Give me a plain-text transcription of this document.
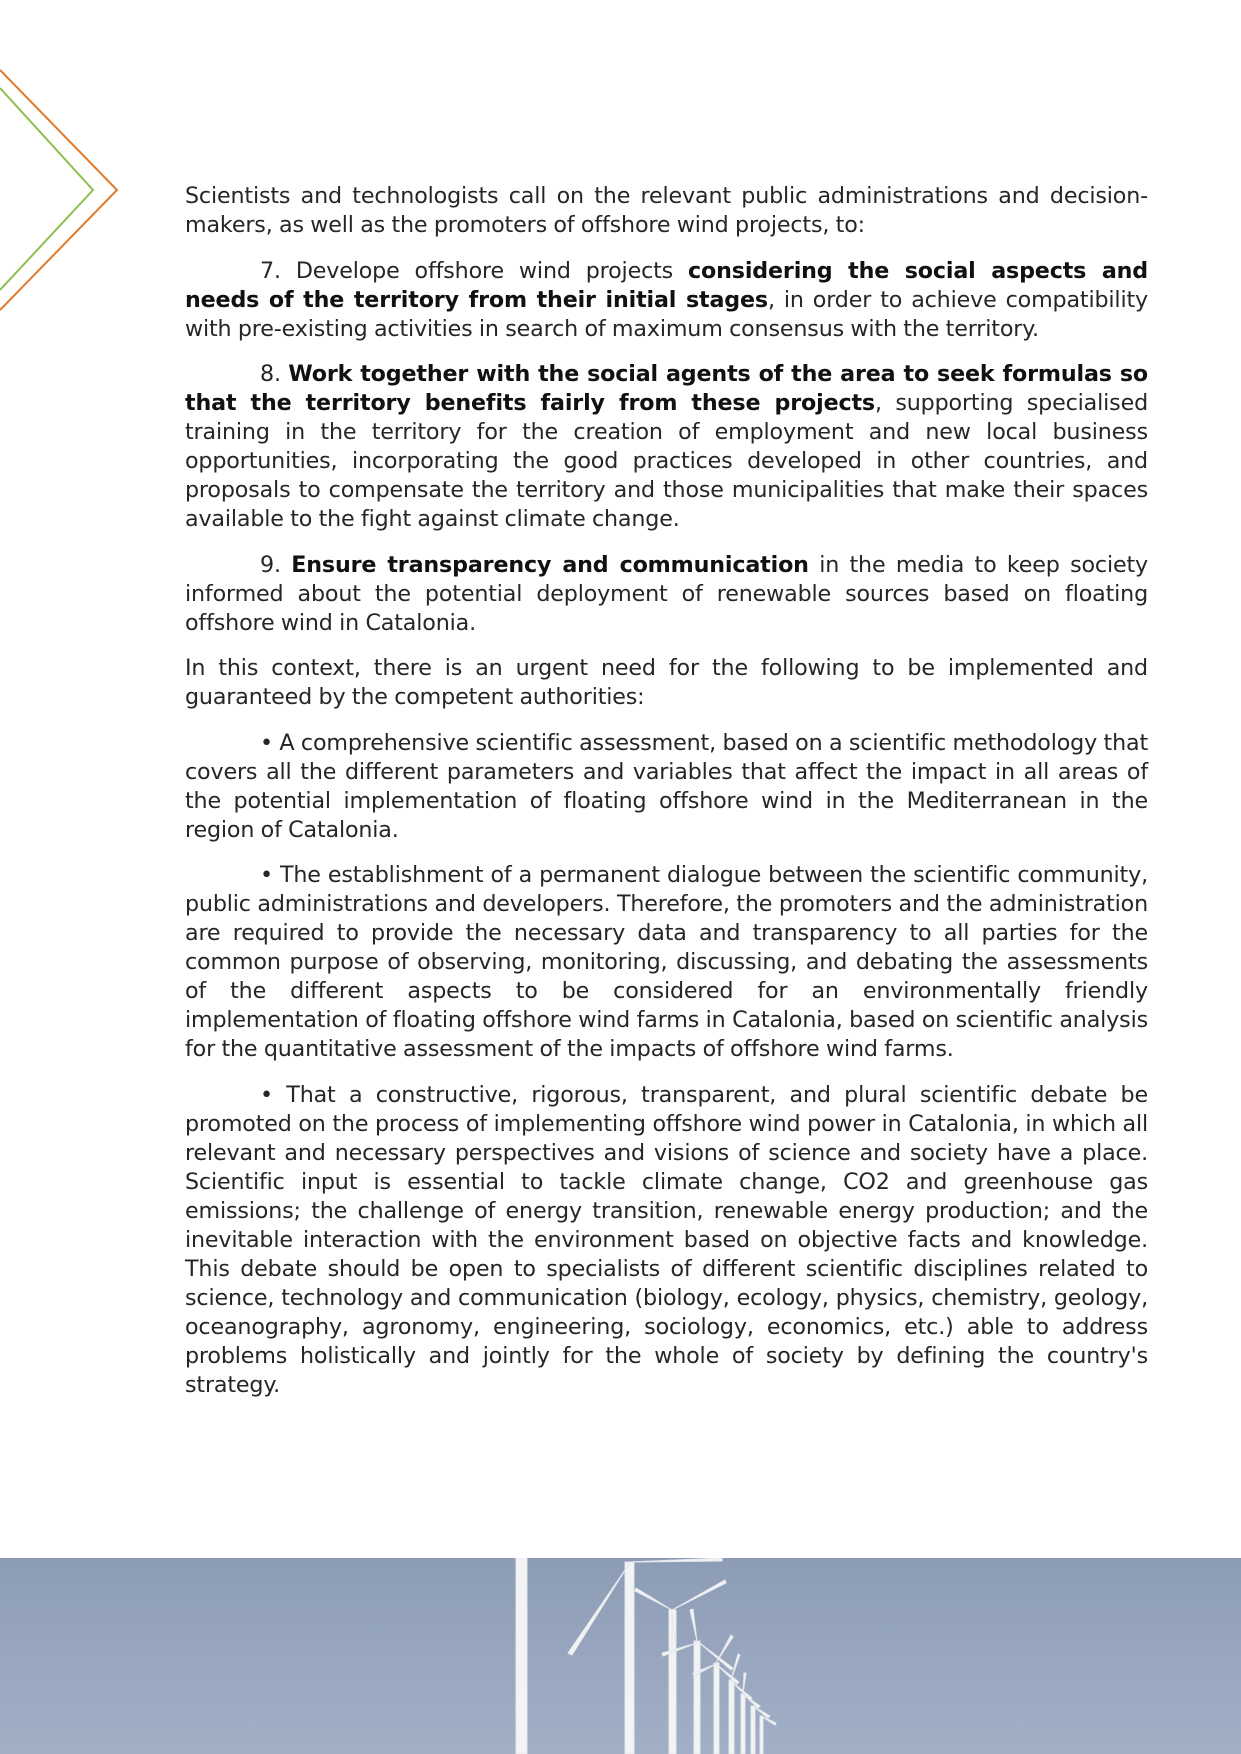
Scientists and technologists call on the relevant public administrations and decision-makers, as well as the promoters of offshore wind projects, to:

7. Develope offshore wind projects considering the social aspects and needs of the territory from their initial stages, in order to achieve compatibility with pre-existing activities in search of maximum consensus with the territory.

8. Work together with the social agents of the area to seek formulas so that the territory benefits fairly from these projects, supporting specialised training in the territory for the creation of employment and new local business opportunities, incorporating the good practices developed in other countries, and proposals to compensate the territory and those municipalities that make their spaces available to the fight against climate change.

9. Ensure transparency and communication in the media to keep society informed about the potential deployment of renewable sources based on floating offshore wind in Catalonia.

In this context, there is an urgent need for the following to be implemented and guaranteed by the competent authorities:

• A comprehensive scientific assessment, based on a scientific methodology that covers all the different parameters and variables that affect the impact in all areas of the potential implementation of floating offshore wind in the Mediterranean in the region of Catalonia.

• The establishment of a permanent dialogue between the scientific community, public administrations and developers. Therefore, the promoters and the administration are required to provide the necessary data and transparency to all parties for the common purpose of observing, monitoring, discussing, and debating the assessments of the different aspects to be considered for an environmentally friendly implementation of floating offshore wind farms in Catalonia, based on scientific analysis for the quantitative assessment of the impacts of offshore wind farms.

• That a constructive, rigorous, transparent, and plural scientific debate be promoted on the process of implementing offshore wind power in Catalonia, in which all relevant and necessary perspectives and visions of science and society have a place. Scientific input is essential to tackle climate change, CO2 and greenhouse gas emissions; the challenge of energy transition, renewable energy production; and the inevitable interaction with the environment based on objective facts and knowledge. This debate should be open to specialists of different scientific disciplines related to science, technology and communication (biology, ecology, physics, chemistry, geology, oceanography, agronomy, engineering, sociology, economics, etc.) able to address problems holistically and jointly for the whole of society by defining the country's strategy.
